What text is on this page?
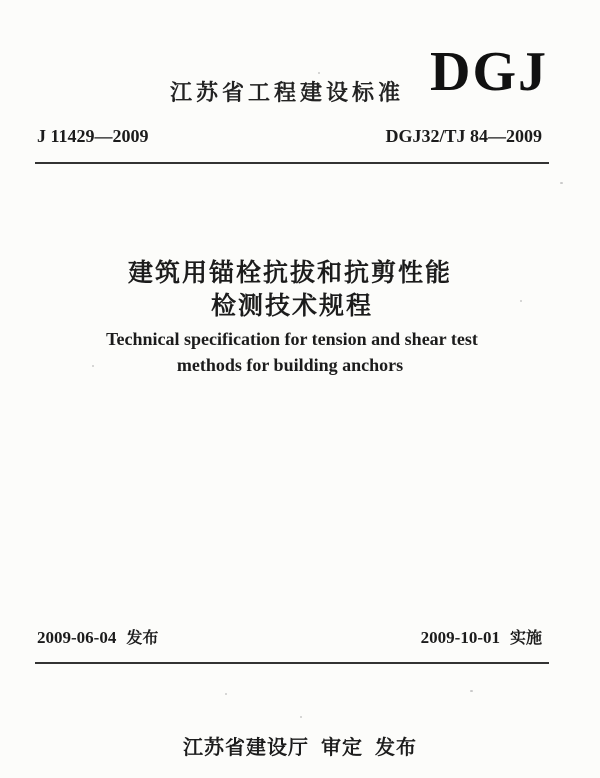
江苏省工程建设标准 DGJ
J 11429—2009	DGJ32/TJ 84—2009
建筑用锚栓抗拔和抗剪性能
检测技术规程
Technical specification for tension and shear test
methods for building anchors
2009-06-04 发布	2009-10-01 实施
江苏省建设厅 审定 发布
